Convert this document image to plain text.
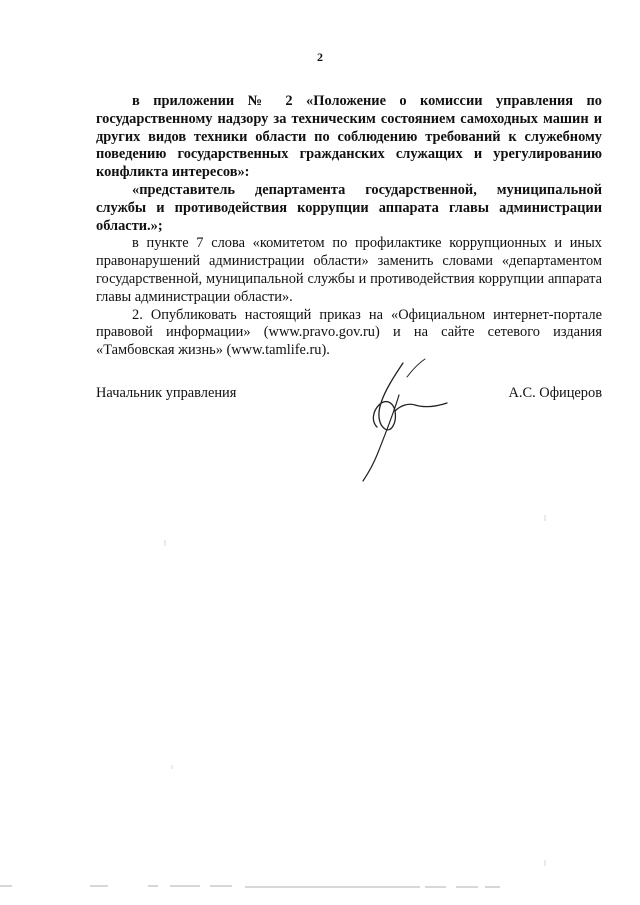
2

в приложении № 2 «Положение о комиссии управления по государственному надзору за техническим состоянием самоходных машин и других видов техники области по соблюдению требований к служебному поведению государственных гражданских служащих и урегулированию конфликта интересов»:

«представитель департамента государственной, муниципальной службы и противодействия коррупции аппарата главы администрации области.»;

в пункте 7 слова «комитетом по профилактике коррупционных и иных правонарушений администрации области» заменить словами «департаментом государственной, муниципальной службы и противодействия коррупции аппарата главы администрации области».

2. Опубликовать настоящий приказ на «Официальном интернет-портале правовой информации» (www.pravo.gov.ru) и на сайте сетевого издания «Тамбовская жизнь» (www.tamlife.ru).

Начальник управления	А.С. Офицеров
